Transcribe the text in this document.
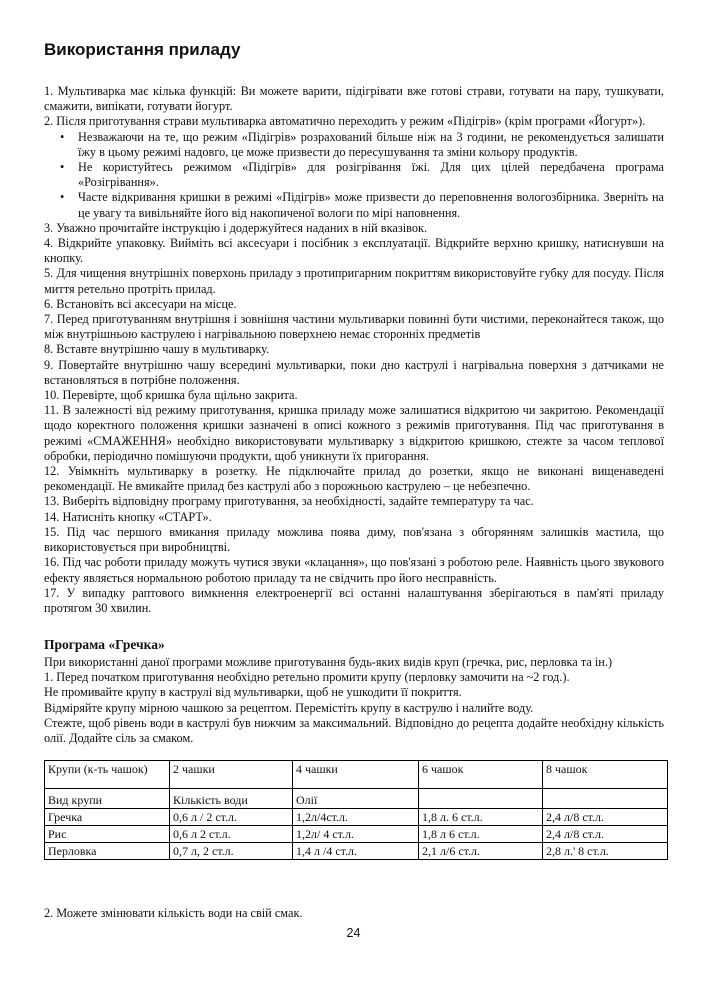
Використання приладу

1. Мультиварка має кілька функцій: Ви можете варити, підігрівати вже готові страви, готувати на пару, тушкувати, смажити, випікати, готувати йогурт.

2. Після приготування страви мультиварка автоматично переходить у режим «Підігрів» (крім програми «Йогурт»).

• Незважаючи на те, що режим «Підігрів» розрахований більше ніж на 3 години, не рекомендується залишати їжу в цьому режимі надовго, це може призвести до пересушування та зміни кольору продуктів.
• Не користуйтесь режимом «Підігрів» для розігрівання їжі. Для цих цілей передбачена програма «Розігрівання».
• Часте відкривання кришки в режимі «Підігрів» може призвести до переповнення вологозбірника. Зверніть на це увагу та вивільняйте його від накопиченої вологи по мірі наповнення.

3. Уважно прочитайте інструкцію і додержуйтеся наданих в ній вказівок.

4. Відкрийте упаковку. Виймiть всі аксесуари і посібник з експлуатації. Відкрийте верхню кришку, натиснувши на кнопку.

5. Для чищення внутрішніх поверхонь приладу з протипригарним покриттям використовуйте губку для посуду. Після миття ретельно протріть прилад.

6. Встановіть всі аксесуари на місце.

7. Перед приготуванням внутрішня і зовнішня частини мультиварки повинні бути чистими, переконайтеся також, що між внутрішньою каструлею і нагрівальною поверхнею немає сторонніх предметів

8. Вставте внутрішню чашу в мультиварку.

9. Повертайте внутрішню чашу всередині мультиварки, поки дно каструлі і нагрівальна поверхня з датчиками не встановляться в потрібне положення.

10. Перевірте, щоб кришка була щільно закрита.

11. В залежності від режиму приготування, кришка приладу може залишатися відкритою чи закритою. Рекомендації щодо коректного положення кришки зазначені в описі кожного з режимів приготування. Під час приготування в режимі «СМАЖЕННЯ» необхідно використовувати мультиварку з відкритою кришкою, стежте за часом теплової обробки, періодично помішуючи продукти, щоб уникнути їх пригорання.

12. Увімкніть мультиварку в розетку. Не підключайте прилад до розетки, якщо не виконані вищенаведені рекомендації. Не вмикайте прилад без каструлі або з порожньою каструлею – це небезпечно.

13. Виберіть відповідну програму приготування, за необхідності, задайте температуру та час.

14. Натисніть кнопку «СТАРТ».

15. Під час першого вмикання приладу можлива поява диму, пов'язана з обгорянням залишків мастила, що використовується при виробництві.

16. Під час роботи приладу можуть чутися звуки «клацання», що пов'язані з роботою реле. Наявність цього звукового ефекту являється нормальною роботою приладу та не свідчить про його несправність.

17. У випадку раптового вимкнення електроенергії всі останні налаштування зберігаються в пам'яті приладу протягом 30 хвилин.

Програма «Гречка»

При використанні даної програми можливе приготування будь-яких видів круп (гречка, рис, перловка та ін.)

1. Перед початком приготування необхідно ретельно промити крупу (перловку замочити на ~2 год.).

Не промивайте крупу в каструлі від мультиварки, щоб не ушкодити її покриття.

Відміряйте крупу мірною чашкою за рецептом. Перемістіть крупу в каструлю і налийте воду.

Стежте, щоб рівень води в каструлі був нижчим за максимальний. Відповідно до рецепта додайте необхідну кількість олії. Додайте сіль за смаком.

Крупи (к-ть чашок)	2 чашки	4 чашки	6 чашок	8 чашок

Вид крупи	Кількість води	Олії		
Гречка	0,6 л / 2 ст.л.	1,2л/4ст.л.	1,8 л. 6 ст.л.	2,4 л/8 ст.л.
Рис	0,6 л 2 ст.л.	1,2л/ 4 ст.л.	1,8 л 6 ст.л.	2,4 л/8 ст.л.
Перловка	0,7 л, 2 ст.л.	1,4 л /4 ст.л.	2,1 л/6 ст.л.	2,8 л.' 8 ст.л.

2. Можете змінювати кількість води на свій смак.

24
